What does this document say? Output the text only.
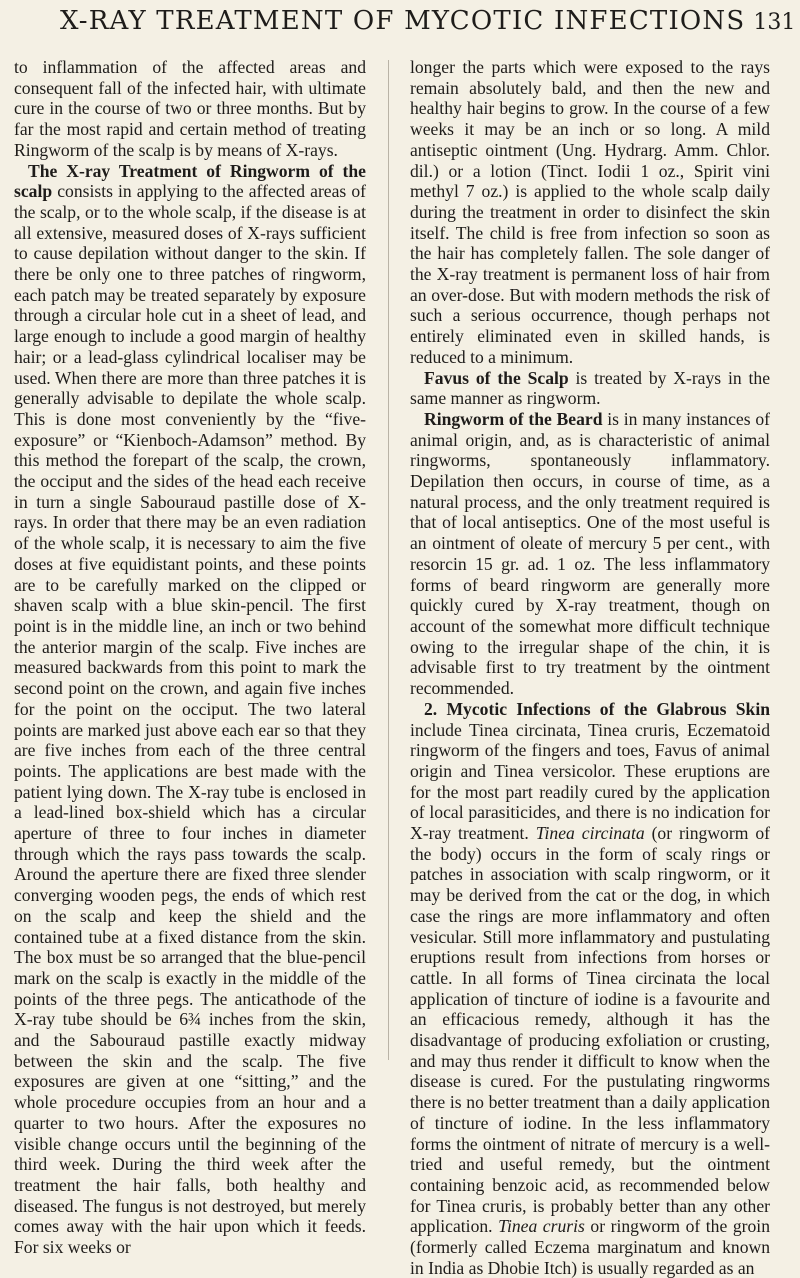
X-RAY TREATMENT OF MYCOTIC INFECTIONS 131

to inflammation of the affected areas and consequent fall of the infected hair, with ultimate cure in the course of two or three months. But by far the most rapid and certain method of treating Ringworm of the scalp is by means of X-rays.

The X-ray Treatment of Ringworm of the scalp consists in applying to the affected areas of the scalp, or to the whole scalp, if the disease is at all extensive, measured doses of X-rays sufficient to cause depilation without danger to the skin. If there be only one to three patches of ringworm, each patch may be treated separately by exposure through a circular hole cut in a sheet of lead, and large enough to include a good margin of healthy hair; or a lead-glass cylindrical localiser may be used. When there are more than three patches it is generally advisable to depilate the whole scalp. This is done most conveniently by the “five-exposure” or “Kienboch-Adamson” method. By this method the forepart of the scalp, the crown, the occiput and the sides of the head each receive in turn a single Sabouraud pastille dose of X-rays. In order that there may be an even radiation of the whole scalp, it is necessary to aim the five doses at five equidistant points, and these points are to be carefully marked on the clipped or shaven scalp with a blue skin-pencil. The first point is in the middle line, an inch or two behind the anterior margin of the scalp. Five inches are measured backwards from this point to mark the second point on the crown, and again five inches for the point on the occiput. The two lateral points are marked just above each ear so that they are five inches from each of the three central points. The applications are best made with the patient lying down. The X-ray tube is enclosed in a lead-lined box-shield which has a circular aperture of three to four inches in diameter through which the rays pass towards the scalp. Around the aperture there are fixed three slender converging wooden pegs, the ends of which rest on the scalp and keep the shield and the contained tube at a fixed distance from the skin. The box must be so arranged that the blue-pencil mark on the scalp is exactly in the middle of the points of the three pegs. The anticathode of the X-ray tube should be 6¾ inches from the skin, and the Sabouraud pastille exactly midway between the skin and the scalp. The five exposures are given at one “sitting,” and the whole procedure occupies from an hour and a quarter to two hours. After the exposures no visible change occurs until the beginning of the third week. During the third week after the treatment the hair falls, both healthy and diseased. The fungus is not destroyed, but merely comes away with the hair upon which it feeds. For six weeks or

longer the parts which were exposed to the rays remain absolutely bald, and then the new and healthy hair begins to grow. In the course of a few weeks it may be an inch or so long. A mild antiseptic ointment (Ung. Hydrarg. Amm. Chlor. dil.) or a lotion (Tinct. Iodii 1 oz., Spirit vini methyl 7 oz.) is applied to the whole scalp daily during the treatment in order to disinfect the skin itself. The child is free from infection so soon as the hair has completely fallen. The sole danger of the X-ray treatment is permanent loss of hair from an over-dose. But with modern methods the risk of such a serious occurrence, though perhaps not entirely eliminated even in skilled hands, is reduced to a minimum.

Favus of the Scalp is treated by X-rays in the same manner as ringworm.

Ringworm of the Beard is in many instances of animal origin, and, as is characteristic of animal ringworms, spontaneously inflammatory. Depilation then occurs, in course of time, as a natural process, and the only treatment required is that of local antiseptics. One of the most useful is an ointment of oleate of mercury 5 per cent., with resorcin 15 gr. ad. 1 oz. The less inflammatory forms of beard ringworm are generally more quickly cured by X-ray treatment, though on account of the somewhat more difficult technique owing to the irregular shape of the chin, it is advisable first to try treatment by the ointment recommended.

2. Mycotic Infections of the Glabrous Skin include Tinea circinata, Tinea cruris, Eczematoid ringworm of the fingers and toes, Favus of animal origin and Tinea versicolor. These eruptions are for the most part readily cured by the application of local parasiticides, and there is no indication for X-ray treatment. Tinea circinata (or ringworm of the body) occurs in the form of scaly rings or patches in association with scalp ringworm, or it may be derived from the cat or the dog, in which case the rings are more inflammatory and often vesicular. Still more inflammatory and pustulating eruptions result from infections from horses or cattle. In all forms of Tinea circinata the local application of tincture of iodine is a favourite and an efficacious remedy, although it has the disadvantage of producing exfoliation or crusting, and may thus render it difficult to know when the disease is cured. For the pustulating ringworms there is no better treatment than a daily application of tincture of iodine. In the less inflammatory forms the ointment of nitrate of mercury is a well-tried and useful remedy, but the ointment containing benzoic acid, as recommended below for Tinea cruris, is probably better than any other application. Tinea cruris or ringworm of the groin (formerly called Eczema marginatum and known in India as Dhobie Itch) is usually regarded as an
